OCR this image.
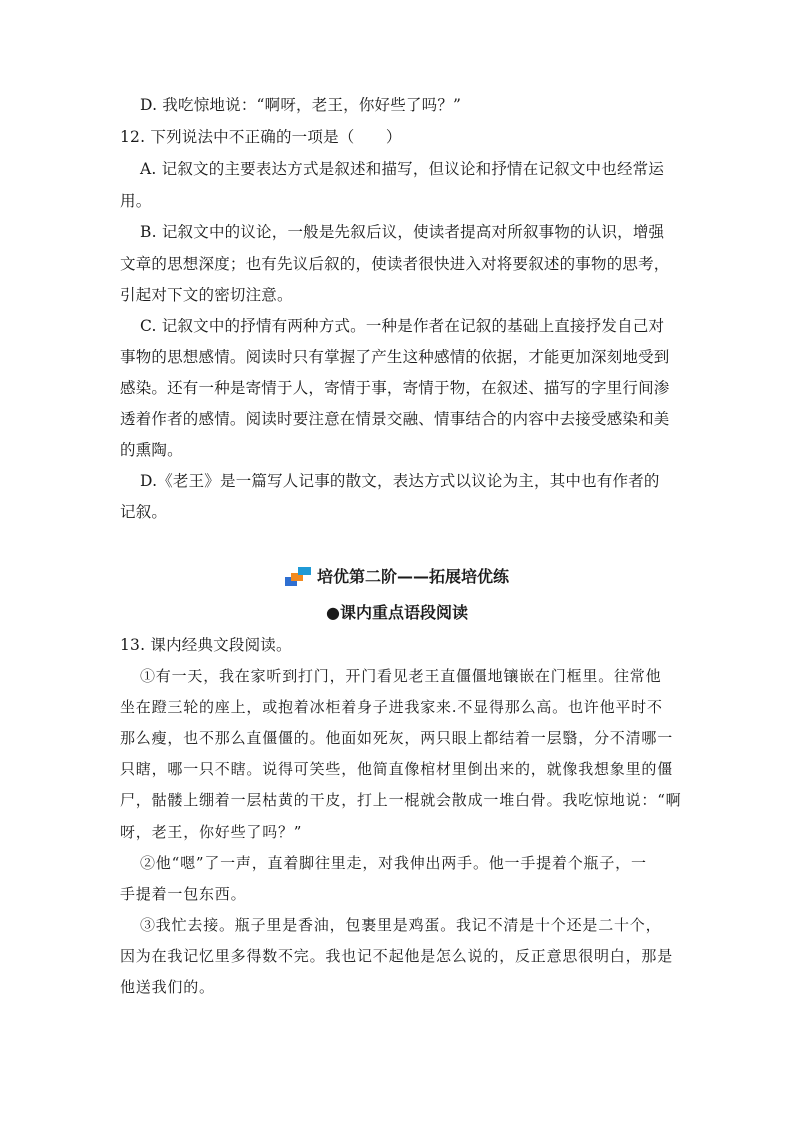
D. 我吃惊地说：“啊呀，老王，你好些了吗？”
12. 下列说法中不正确的一项是（　　）
A. 记叙文的主要表达方式是叙述和描写，但议论和抒情在记叙文中也经常运
用。
B. 记叙文中的议论，一般是先叙后议，使读者提高对所叙事物的认识，增强
文章的思想深度；也有先议后叙的，使读者很快进入对将要叙述的事物的思考，
引起对下文的密切注意。
C. 记叙文中的抒情有两种方式。一种是作者在记叙的基础上直接抒发自己对
事物的思想感情。阅读时只有掌握了产生这种感情的依据，才能更加深刻地受到
感染。还有一种是寄情于人，寄情于事，寄情于物，在叙述、描写的字里行间渗
透着作者的感情。阅读时要注意在情景交融、情事结合的内容中去接受感染和美
的熏陶。
D.《老王》是一篇写人记事的散文，表达方式以议论为主，其中也有作者的
记叙。
培优第二阶——拓展培优练
●课内重点语段阅读
13. 课内经典文段阅读。
①有一天，我在家听到打门，开门看见老王直僵僵地镶嵌在门框里。往常他
坐在蹬三轮的座上，或抱着冰柜着身子进我家来.不显得那么高。也许他平时不
那么瘦，也不那么直僵僵的。他面如死灰，两只眼上都结着一层翳，分不清哪一
只瞎，哪一只不瞎。说得可笑些，他简直像棺材里倒出来的，就像我想象里的僵
尸，骷髅上绷着一层枯黄的干皮，打上一棍就会散成一堆白骨。我吃惊地说：“啊
呀，老王，你好些了吗？”
②他“嗯”了一声，直着脚往里走，对我伸出两手。他一手提着个瓶子，一
手提着一包东西。
③我忙去接。瓶子里是香油，包裹里是鸡蛋。我记不清是十个还是二十个，
因为在我记忆里多得数不完。我也记不起他是怎么说的，反正意思很明白，那是
他送我们的。
